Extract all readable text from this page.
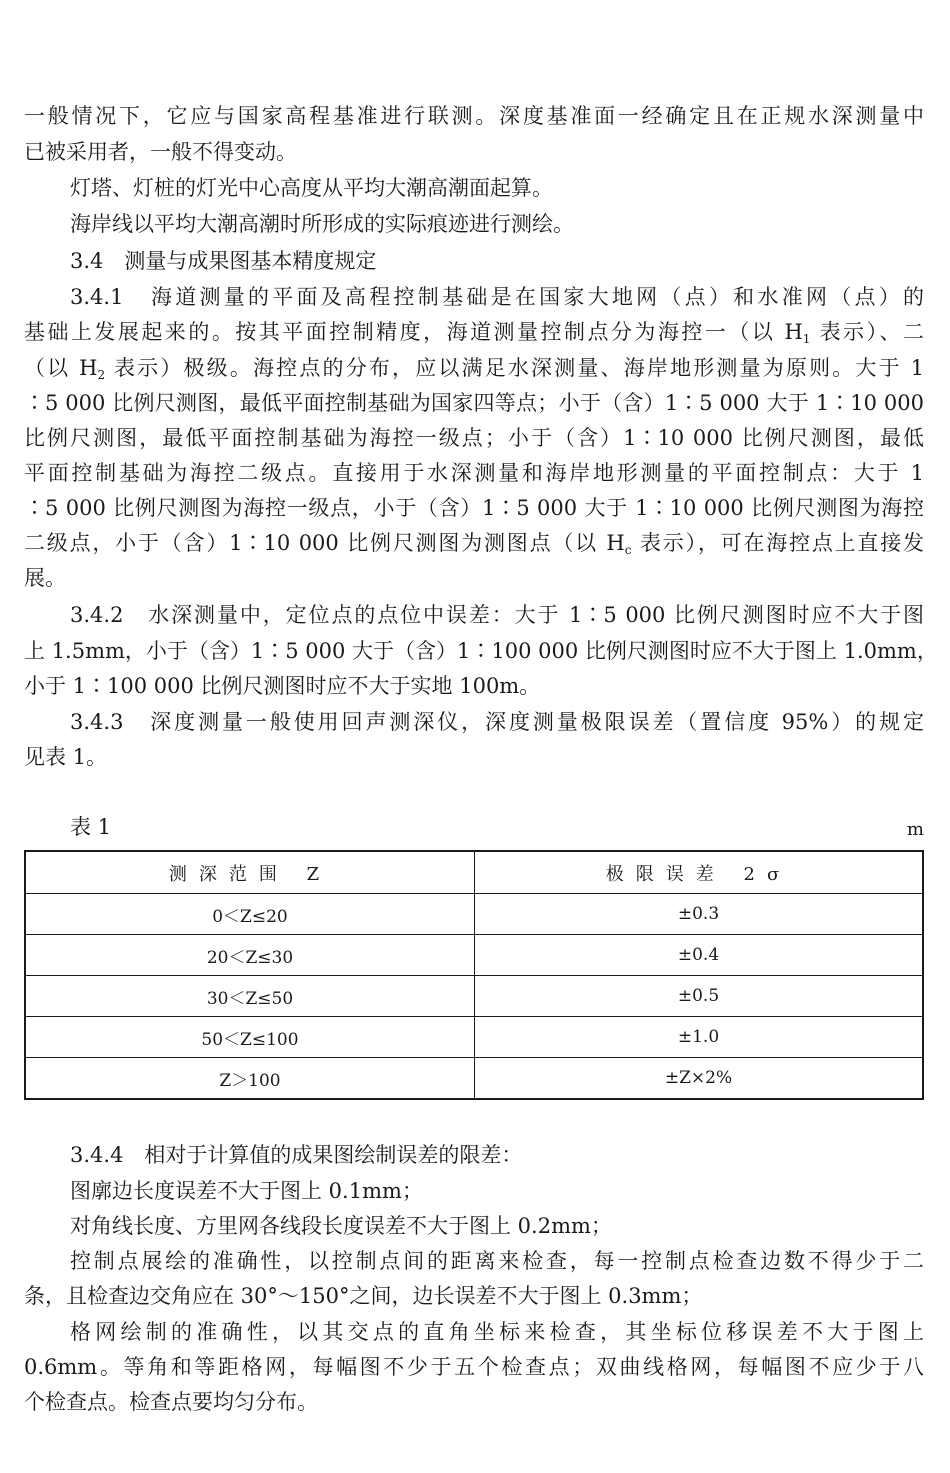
一般情况下，它应与国家高程基准进行联测。深度基准面一经确定且在正规水深测量中
已被采用者，一般不得变动。
灯塔、灯桩的灯光中心高度从平均大潮高潮面起算。
海岸线以平均大潮高潮时所形成的实际痕迹进行测绘。
3.4　测量与成果图基本精度规定
3.4.1　海道测量的平面及高程控制基础是在国家大地网（点）和水准网（点）的
基础上发展起来的。按其平面控制精度，海道测量控制点分为海控一（以 $H_1$ 表示）、二
（以 $H_2$ 表示）极级。海控点的分布，应以满足水深测量、海岸地形测量为原则。大于 1
∶5 000 比例尺测图，最低平面控制基础为国家四等点；小于（含）1∶5 000 大于 1∶10 000
比例尺测图，最低平面控制基础为海控一级点；小于（含）1∶10 000 比例尺测图，最低
平面控制基础为海控二级点。直接用于水深测量和海岸地形测量的平面控制点：大于 1
∶5 000 比例尺测图为海控一级点，小于（含）1∶5 000 大于 1∶10 000 比例尺测图为海控
二级点，小于（含）1∶10 000 比例尺测图为测图点（以 $H_c$ 表示），可在海控点上直接发
展。
3.4.2　水深测量中，定位点的点位中误差：大于 1∶5 000 比例尺测图时应不大于图
上 1.5mm，小于（含）1∶5 000 大于（含）1∶100 000 比例尺测图时应不大于图上 1.0mm，
小于 1∶100 000 比例尺测图时应不大于实地 100m。
3.4.3　深度测量一般使用回声测深仪，深度测量极限误差（置信度 95%）的规定
见表 1。
表 1	m
测深范围 Z	极限误差 2σ
0＜Z≤20	±0.3
20＜Z≤30	±0.4
30＜Z≤50	±0.5
50＜Z≤100	±1.0
Z＞100	±Z×2%
3.4.4　相对于计算值的成果图绘制误差的限差：
图廓边长度误差不大于图上 0.1mm；
对角线长度、方里网各线段长度误差不大于图上 0.2mm；
控制点展绘的准确性，以控制点间的距离来检查，每一控制点检查边数不得少于二
条，且检查边交角应在 30°～150°之间，边长误差不大于图上 0.3mm；
格网绘制的准确性，以其交点的直角坐标来检查，其坐标位移误差不大于图上
0.6mm。等角和等距格网，每幅图不少于五个检查点；双曲线格网，每幅图不应少于八
个检查点。检查点要均匀分布。
